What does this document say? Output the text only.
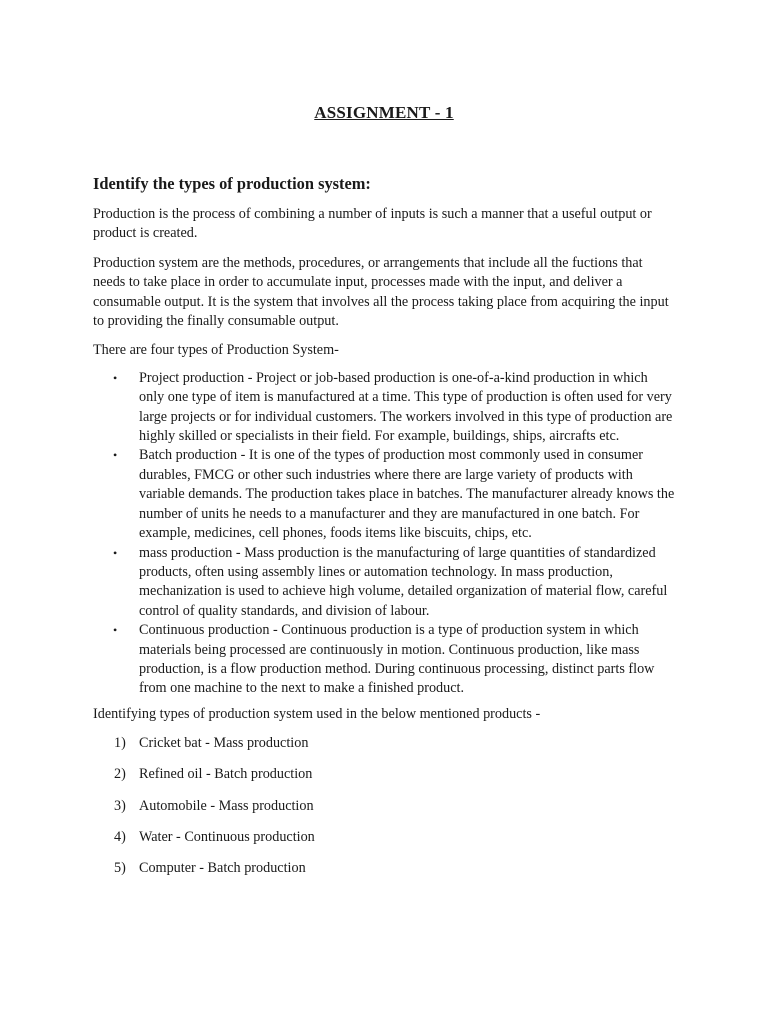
ASSIGNMENT - 1
Identify the types of production system:

Production is the process of combining a number of inputs is such a manner that a useful output or product is created.

Production system are the methods, procedures, or arrangements that include all the fuctions that needs to take place in order to accumulate input, processes made with the input, and deliver a consumable output. It is the system that involves all the process taking place from acquiring the input to providing the finally consumable output.

There are four types of Production System-

• Project production - Project or job-based production is one-of-a-kind production in which only one type of item is manufactured at a time. This type of production is often used for very large projects or for individual customers. The workers involved in this type of production are highly skilled or specialists in their field. For example, buildings, ships, aircrafts etc.
• Batch production - It is one of the types of production most commonly used in consumer durables, FMCG or other such industries where there are large variety of products with variable demands. The production takes place in batches. The manufacturer already knows the number of units he needs to a manufacturer and they are manufactured in one batch. For example, medicines, cell phones, foods items like biscuits, chips, etc.
• mass production - Mass production is the manufacturing of large quantities of standardized products, often using assembly lines or automation technology. In mass production, mechanization is used to achieve high volume, detailed organization of material flow, careful control of quality standards, and division of labour.
• Continuous production - Continuous production is a type of production system in which materials being processed are continuously in motion. Continuous production, like mass production, is a flow production method. During continuous processing, distinct parts flow from one machine to the next to make a finished product.

Identifying types of production system used in the below mentioned products -

1) Cricket bat - Mass production
2) Refined oil - Batch production
3) Automobile - Mass production
4) Water - Continuous production
5) Computer - Batch production
